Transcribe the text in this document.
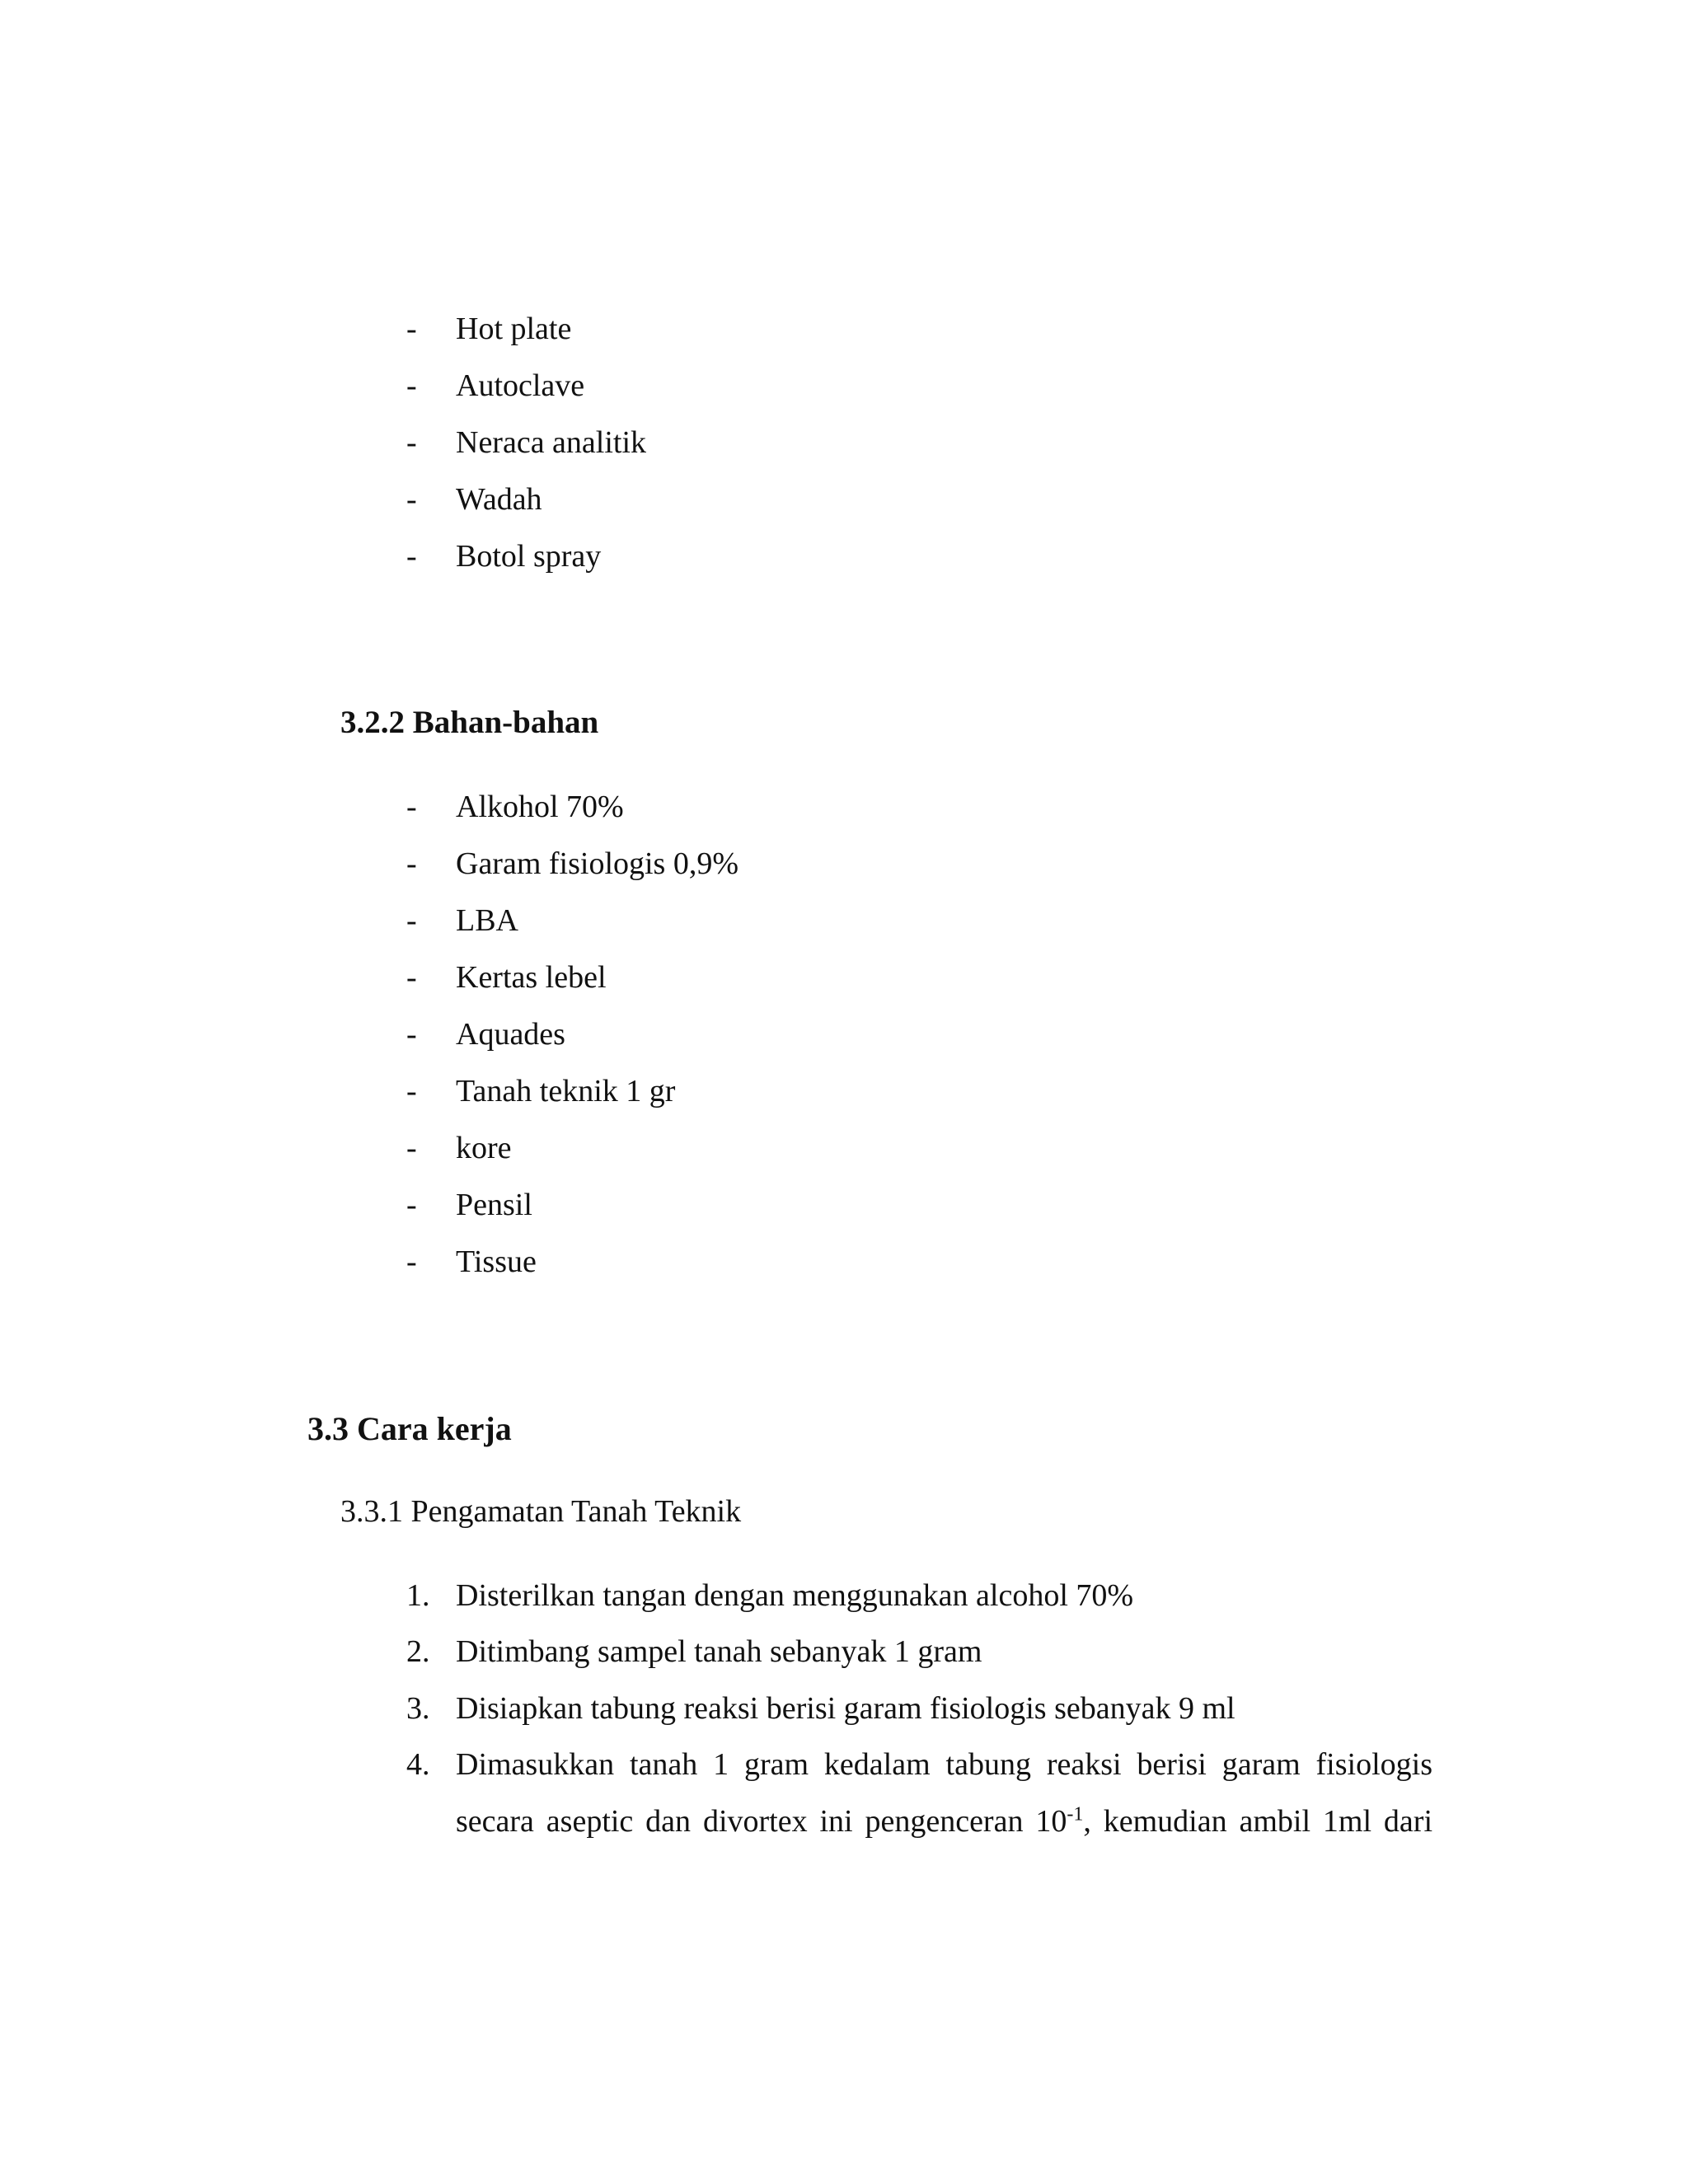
- Hot plate
- Autoclave
- Neraca analitik
- Wadah
- Botol spray
3.2.2 Bahan-bahan
- Alkohol 70%
- Garam fisiologis 0,9%
- LBA
- Kertas lebel
- Aquades
- Tanah teknik 1 gr
- kore
- Pensil
- Tissue
3.3 Cara kerja
3.3.1 Pengamatan Tanah Teknik
1. Disterilkan tangan dengan menggunakan alcohol 70%
2. Ditimbang sampel tanah sebanyak 1 gram
3. Disiapkan tabung reaksi berisi garam fisiologis sebanyak 9 ml
4. Dimasukkan tanah 1 gram kedalam tabung reaksi berisi garam fisiologis
secara aseptic dan divortex ini pengenceran $10^{-1}$, kemudian ambil 1ml dari
